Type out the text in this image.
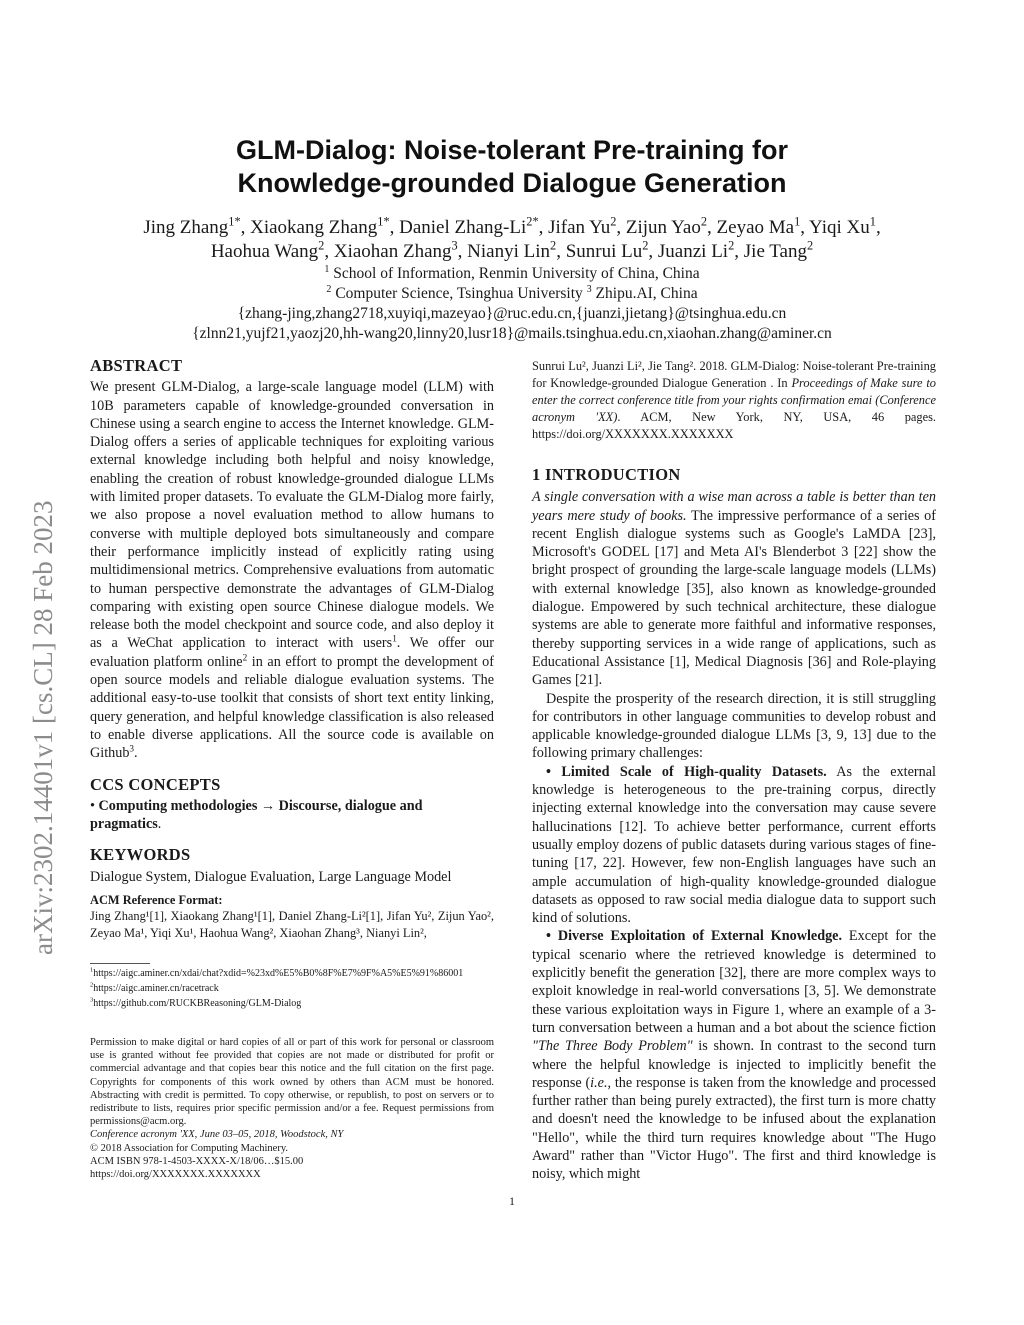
arXiv:2302.14401v1 [cs.CL] 28 Feb 2023
GLM-Dialog: Noise-tolerant Pre-training for
Knowledge-grounded Dialogue Generation
Jing Zhang$^{1*}$, Xiaokang Zhang$^{1*}$, Daniel Zhang-$Li^{2*}$, Jifan Yu$^2$, Zijun Yao$^2$, Zeyao Ma$^1$, Yiqi Xu$^1$,
Haohua Wang$^2$, Xiaohan Zhang$^3$, Nianyi Lin$^2$, Sunrui Lu$^2$, Juanzi Li$^2$, Jie Tang$^2$
$^1$ School of Information, Renmin University of China, China
$^2$ Computer Science, Tsinghua University $^3$ Zhipu.AI, China
{zhang-jing,zhang2718,xuyiqi,mazeyao}@ruc.edu.cn,{juanzi,jietang}@tsinghua.edu.cn
{zlnn21,yujf21,yaozj20,hh-wang20,linny20,lusr18}@mails.tsinghua.edu.cn,xiaohan.zhang@aminer.cn
ABSTRACT

We present GLM-Dialog, a large-scale language model (LLM) with 10B parameters capable of knowledge-grounded conversation in Chinese using a search engine to access the Internet knowledge. GLM-Dialog offers a series of applicable techniques for exploiting various external knowledge including both helpful and noisy knowledge, enabling the creation of robust knowledge-grounded dialogue LLMs with limited proper datasets. To evaluate the GLM-Dialog more fairly, we also propose a novel evaluation method to allow humans to converse with multiple deployed bots simultaneously and compare their performance implicitly instead of explicitly rating using multidimensional metrics. Comprehensive evaluations from automatic to human perspective demonstrate the advantages of GLM-Dialog comparing with existing open source Chinese dialogue models. We release both the model checkpoint and source code, and also deploy it as a WeChat application to interact with users$^1$. We offer our evaluation platform online$^2$ in an effort to prompt the development of open source models and reliable dialogue evaluation systems. The additional easy-to-use toolkit that consists of short text entity linking, query generation, and helpful knowledge classification is also released to enable diverse applications. All the source code is available on Github$^3$.

CCS CONCEPTS

• Computing methodologies → Discourse, dialogue and pragmatics.

KEYWORDS

Dialogue System, Dialogue Evaluation, Large Language Model

ACM Reference Format:

Jing Zhang¹[1], Xiaokang Zhang¹[1], Daniel Zhang-Li²[1], Jifan Yu², Zijun Yao², Zeyao Ma¹, Yiqi Xu¹, Haohua Wang², Xiaohan Zhang³, Nianyi Lin²,

$^1$https://aigc.aminer.cn/xdai/chat?xdid=%23xd%E5%B0%8F%E7%9F%A5%E5%91%86001
$^2$https://aigc.aminer.cn/racetrack
$^3$https://github.com/RUCKBReasoning/GLM-Dialog
Permission to make digital or hard copies of all or part of this work for personal or classroom use is granted without fee provided that copies are not made or distributed for profit or commercial advantage and that copies bear this notice and the full citation on the first page. Copyrights for components of this work owned by others than ACM must be honored. Abstracting with credit is permitted. To copy otherwise, or republish, to post on servers or to redistribute to lists, requires prior specific permission and/or a fee. Request permissions from permissions@acm.org.
Conference acronym 'XX, June 03–05, 2018, Woodstock, NY
© 2018 Association for Computing Machinery.
ACM ISBN 978-1-4503-XXXX-X/18/06…$15.00
https://doi.org/XXXXXXX.XXXXXXX
Sunrui Lu², Juanzi Li², Jie Tang². 2018. GLM-Dialog: Noise-tolerant Pre-training for Knowledge-grounded Dialogue Generation . In Proceedings of Make sure to enter the correct conference title from your rights confirmation emai (Conference acronym 'XX). ACM, New York, NY, USA, 46 pages. https://doi.org/XXXXXXX.XXXXXXX
1 INTRODUCTION

A single conversation with a wise man across a table is better than ten years mere study of books. The impressive performance of a series of recent English dialogue systems such as Google's LaMDA [23], Microsoft's GODEL [17] and Meta AI's Blenderbot 3 [22] show the bright prospect of grounding the large-scale language models (LLMs) with external knowledge [35], also known as knowledge-grounded dialogue. Empowered by such technical architecture, these dialogue systems are able to generate more faithful and informative responses, thereby supporting services in a wide range of applications, such as Educational Assistance [1], Medical Diagnosis [36] and Role-playing Games [21].

Despite the prosperity of the research direction, it is still struggling for contributors in other language communities to develop robust and applicable knowledge-grounded dialogue LLMs [3, 9, 13] due to the following primary challenges:

• Limited Scale of High-quality Datasets. As the external knowledge is heterogeneous to the pre-training corpus, directly injecting external knowledge into the conversation may cause severe hallucinations [12]. To achieve better performance, current efforts usually employ dozens of public datasets during various stages of fine-tuning [17, 22]. However, few non-English languages have such an ample accumulation of high-quality knowledge-grounded dialogue datasets as opposed to raw social media dialogue data to support such kind of solutions.

• Diverse Exploitation of External Knowledge. Except for the typical scenario where the retrieved knowledge is determined to explicitly benefit the generation [32], there are more complex ways to exploit knowledge in real-world conversations [3, 5]. We demonstrate these various exploitation ways in Figure 1, where an example of a 3-turn conversation between a human and a bot about the science fiction "The Three Body Problem" is shown. In contrast to the second turn where the helpful knowledge is injected to implicitly benefit the response (i.e., the response is taken from the knowledge and processed further rather than being purely extracted), the first turn is more chatty and doesn't need the knowledge to be infused about the explanation "Hello", while the third turn requires knowledge about "The Hugo Award" rather than "Victor Hugo". The first and third knowledge is noisy, which might

1
